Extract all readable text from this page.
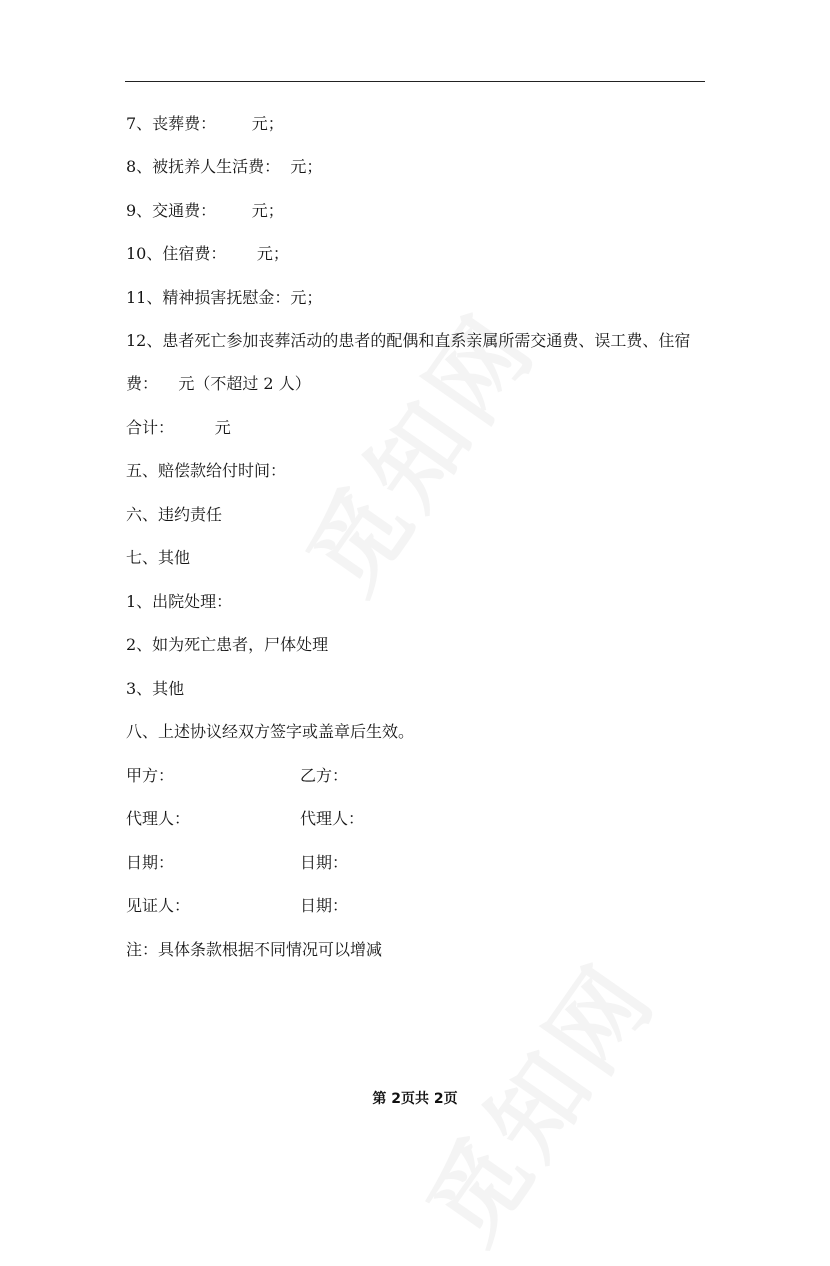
7、丧葬费：       元；
8、被抚养人生活费：  元；
9、交通费：       元；
10、住宿费：      元；
11、精神损害抚慰金：元；
12、患者死亡参加丧葬活动的患者的配偶和直系亲属所需交通费、误工费、住宿
费：    元（不超过 2 人）
合计：        元
五、赔偿款给付时间：
六、违约责任
七、其他
1、出院处理：
2、如为死亡患者，尸体处理
3、其他
八、上述协议经双方签字或盖章后生效。
甲方：	乙方：
代理人：	代理人：
日期：	日期：
见证人：	日期：
注：具体条款根据不同情况可以增减
第 2页共 2页
